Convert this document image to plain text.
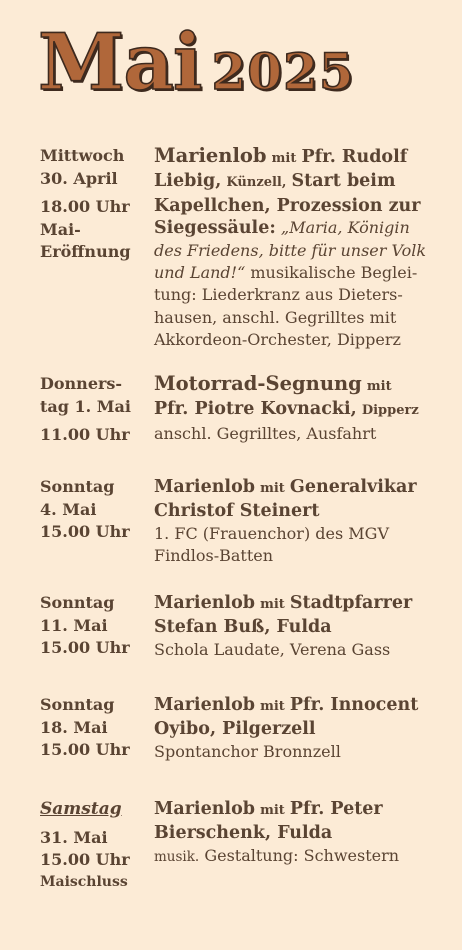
Mai 2025
Mittwoch
30. April
18.00 Uhr
Mai-
Eröffnung
Marienlob mit Pfr. Rudolf
Liebig, Künzell, Start beim
Kapellchen, Prozession zur
Siegessäule: „Maria, Königin
des Friedens, bitte für unser Volk
und Land!“ musikalische Beglei-
tung: Liederkranz aus Dieters-
hausen, anschl. Gegrilltes mit
Akkordeon-Orchester, Dipperz
Donners-
tag 1. Mai
11.00 Uhr
Motorrad-Segnung mit
Pfr. Piotre Kovnacki, Dipperz
anschl. Gegrilltes, Ausfahrt
Sonntag
4. Mai
15.00 Uhr
Marienlob mit Generalvikar
Christof Steinert
1. FC (Frauenchor) des MGV
Findlos-Batten
Sonntag
11. Mai
15.00 Uhr
Marienlob mit Stadtpfarrer
Stefan Buß, Fulda
Schola Laudate, Verena Gass
Sonntag
18. Mai
15.00 Uhr
Marienlob mit Pfr. Innocent
Oyibo, Pilgerzell
Spontanchor Bronnzell
Samstag
31. Mai
15.00 Uhr
Maischluss
Marienlob mit Pfr. Peter
Bierschenk, Fulda
musik. Gestaltung: Schwestern
